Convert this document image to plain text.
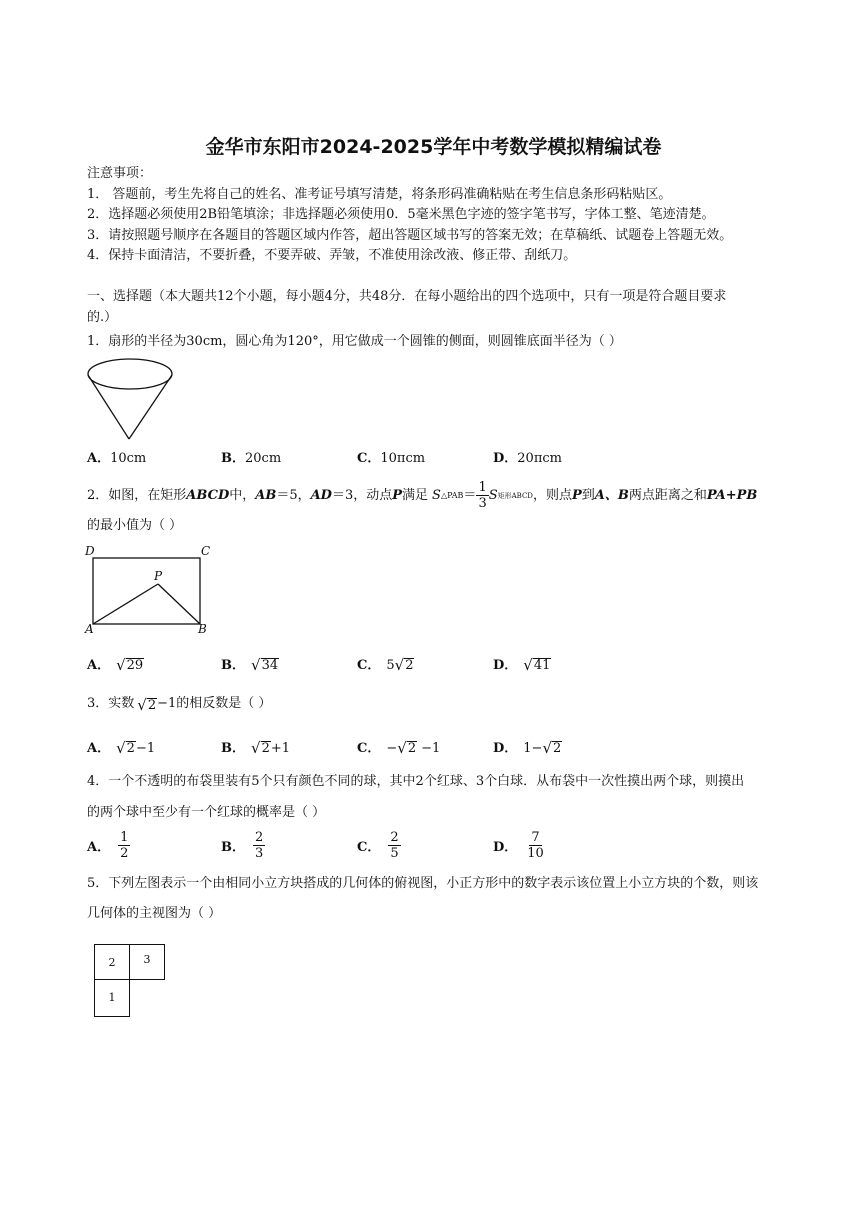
金华市东阳市2024-2025学年中考数学模拟精编试卷
注意事项：
1． 答题前，考生先将自己的姓名、准考证号填写清楚，将条形码准确粘贴在考生信息条形码粘贴区。
2．选择题必须使用2B铅笔填涂；非选择题必须使用0．5毫米黑色字迹的签字笔书写，字体工整、笔迹清楚。
3．请按照题号顺序在各题目的答题区域内作答，超出答题区域书写的答案无效；在草稿纸、试题卷上答题无效。
4．保持卡面清洁，不要折叠，不要弄破、弄皱，不准使用涂改液、修正带、刮纸刀。
一、选择题（本大题共12个小题，每小题4分，共48分．在每小题给出的四个选项中，只有一项是符合题目要求
的.）
1．扇形的半径为30cm，圆心角为120°，用它做成一个圆锥的侧面，则圆锥底面半径为（ ）
A．10cm	B．20cm	C．10πcm	D．20πcm
2．如图，在矩形 ABCD 中， AB ＝5， AD ＝3，动点 P 满足 S △PAB ＝ $\frac{1}{3}$ S 矩形ABCD ，则点 P 到 A、B 两点距离之和 PA+PB
的最小值为（ ）
D	C
P
A	B
A． √ 29	B． √ 34	C． 5 √ 2	D． √ 41
3．实数 √ 2 −1 的相反数是（ ）
A． √ 2 −1	B． √ 2 +1	C． − √ 2 −1	D． 1− √ 2
4．一个不透明的布袋里装有5个只有颜色不同的球，其中2个红球、3个白球．从布袋中一次性摸出两个球，则摸出
的两个球中至少有一个红球的概率是（ ）
A． $\frac{1}{2}$	B． $\frac{2}{3}$	C． $\frac{2}{5}$	D． $\frac{7}{10}$
5．下列左图表示一个由相同小立方块搭成的几何体的俯视图，小正方形中的数字表示该位置上小立方块的个数，则该
几何体的主视图为（ ）
2	3
1
